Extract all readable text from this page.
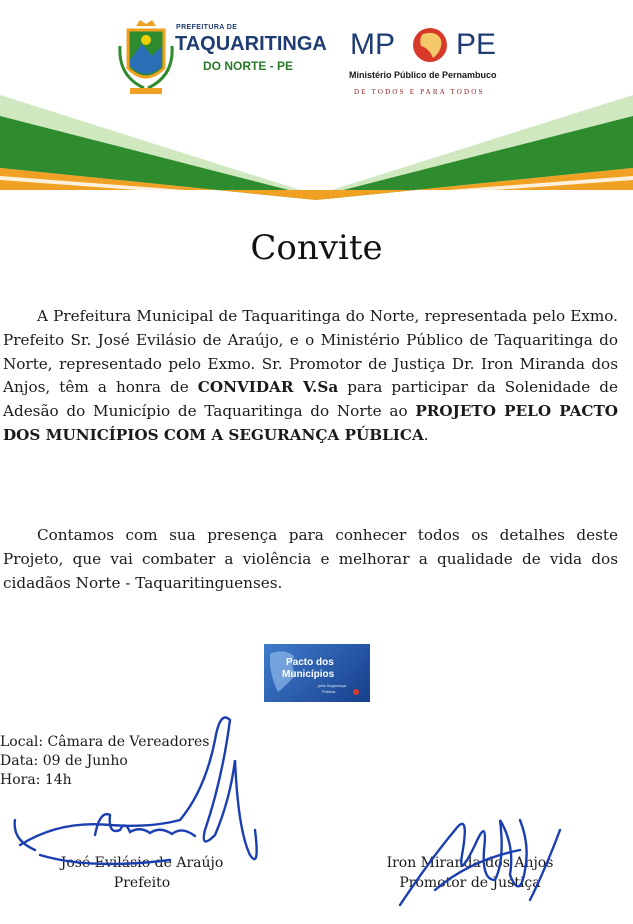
PREFEITURA DE
TAQUARITINGA
DO NORTE - PE
MP PE
Ministério Público de Pernambuco
DE TODOS E PARA TODOS
Convite
A Prefeitura Municipal de Taquaritinga do Norte, representada pelo Exmo. Prefeito Sr. José Evilásio de Araújo, e o Ministério Público de Taquaritinga do Norte, representado pelo Exmo. Sr. Promotor de Justiça Dr. Iron Miranda dos Anjos, têm a honra de CONVIDAR V.Sa para participar da Solenidade de Adesão do Município de Taquaritinga do Norte ao PROJETO PELO PACTO DOS MUNICÍPIOS COM A SEGURANÇA PÚBLICA.
Contamos com sua presença para conhecer todos os detalhes deste Projeto, que vai combater a violência e melhorar a qualidade de vida dos cidadãos Norte - Taquaritinguenses.
Pacto dos
Municípios
pela Segurança
Pública
Local: Câmara de Vereadores
Data: 09 de Junho
Hora: 14h
José Evilásio de Araújo
Prefeito
Iron Miranda dos Anjos
Promotor de Justiça
